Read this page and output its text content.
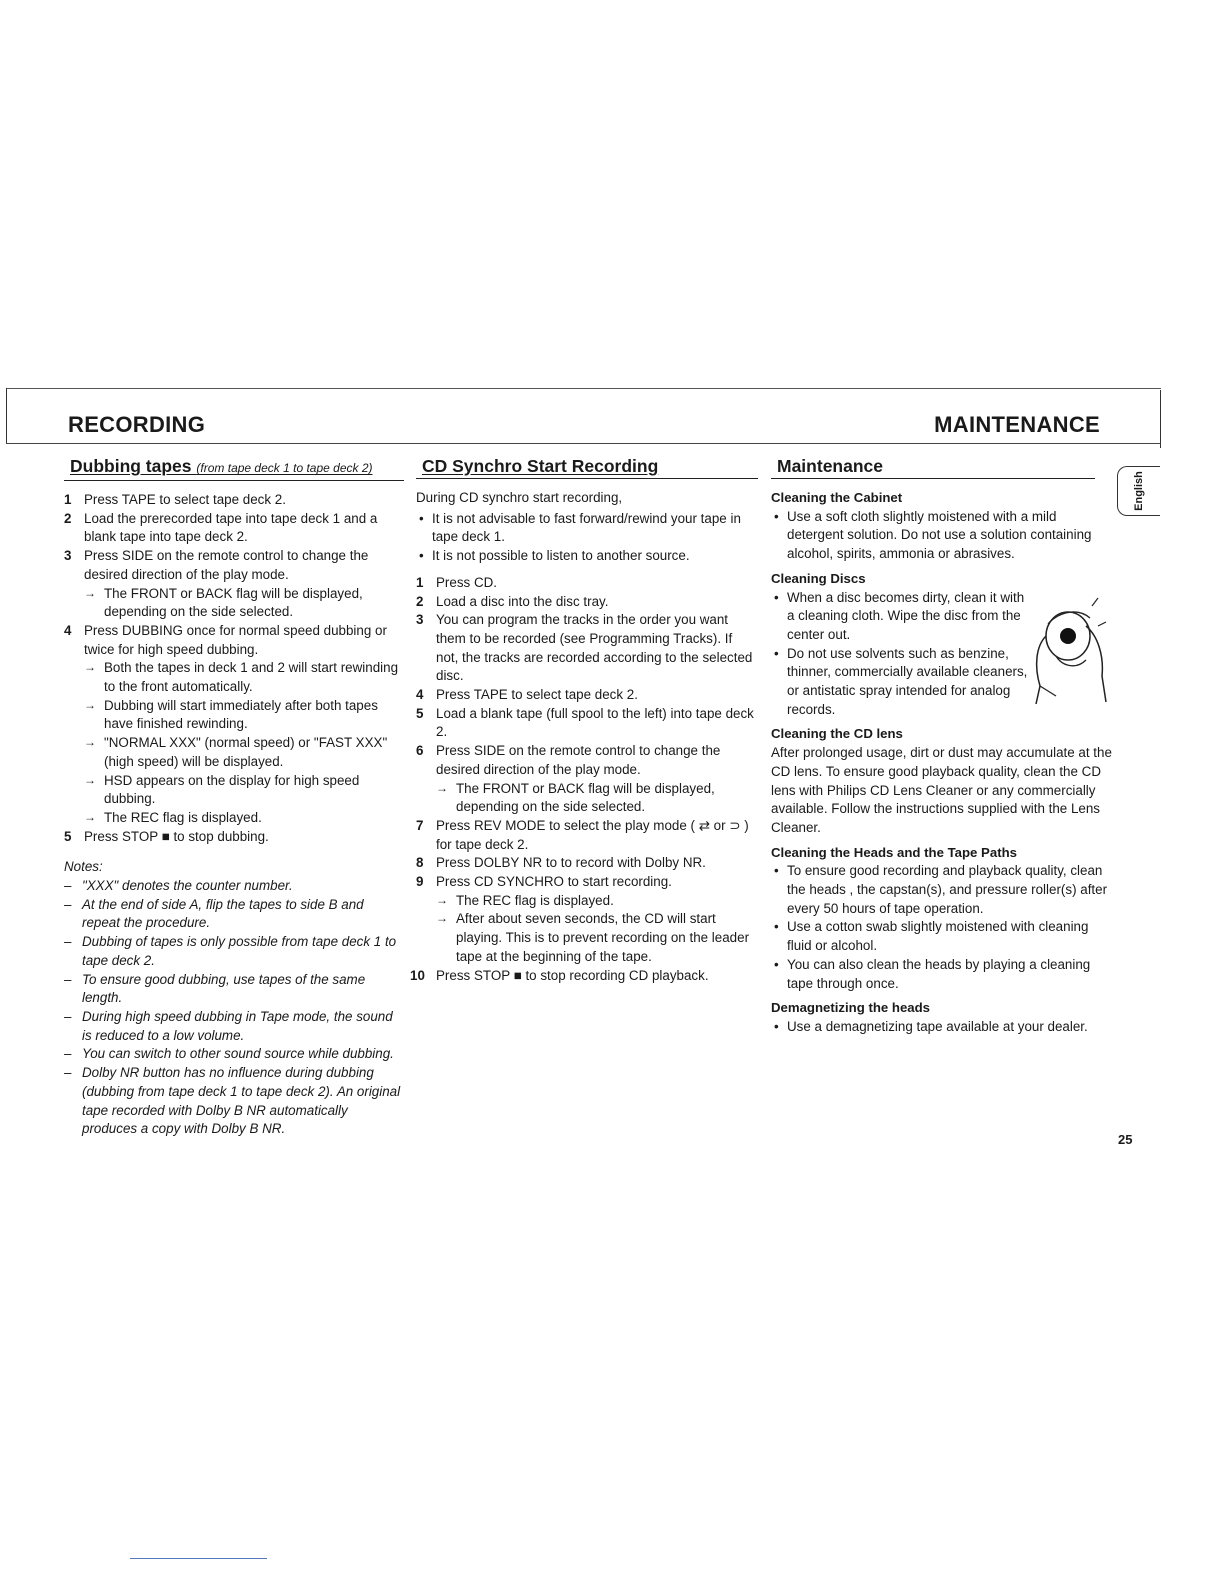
RECORDING	MAINTENANCE
English
Dubbing tapes (from tape deck 1 to tape deck 2)
1 Press TAPE to select tape deck 2.
2 Load the prerecorded tape into tape deck 1 and a blank tape into tape deck 2.
3 Press SIDE on the remote control to change the desired direction of the play mode.
→ The FRONT or BACK flag will be displayed, depending on the side selected.
4 Press DUBBING once for normal speed dubbing or twice for high speed dubbing.
→ Both the tapes in deck 1 and 2 will start rewinding to the front automatically.
→ Dubbing will start immediately after both tapes have finished rewinding.
→ "NORMAL XXX" (normal speed) or "FAST XXX" (high speed) will be displayed.
→ HSD appears on the display for high speed dubbing.
→ The REC flag is displayed.
5 Press STOP ■ to stop dubbing.
Notes:
– "XXX" denotes the counter number.
– At the end of side A, flip the tapes to side B and repeat the procedure.
– Dubbing of tapes is only possible from tape deck 1 to tape deck 2.
– To ensure good dubbing, use tapes of the same length.
– During high speed dubbing in Tape mode, the sound is reduced to a low volume.
– You can switch to other sound source while dubbing.
– Dolby NR button has no influence during dubbing (dubbing from tape deck 1 to tape deck 2). An original tape recorded with Dolby B NR automatically produces a copy with Dolby B NR.
CD Synchro Start Recording

During CD synchro start recording,

• It is not advisable to fast forward/rewind your tape in tape deck 1.
• It is not possible to listen to another source.
1 Press CD.
2 Load a disc into the disc tray.
3 You can program the tracks in the order you want them to be recorded (see Programming Tracks). If not, the tracks are recorded according to the selected disc.
4 Press TAPE to select tape deck 2.
5 Load a blank tape (full spool to the left) into tape deck 2.
6 Press SIDE on the remote control to change the desired direction of the play mode.
→ The FRONT or BACK flag will be displayed, depending on the side selected.
7 Press REV MODE to select the play mode ( ⇄ or ⊃ ) for tape deck 2.
8 Press DOLBY NR to to record with Dolby NR.
9 Press CD SYNCHRO to start recording.
→ The REC flag is displayed.
→ After about seven seconds, the CD will start playing. This is to prevent recording on the leader tape at the beginning of the tape.
10 Press STOP ■ to stop recording CD playback.
Maintenance
Cleaning the Cabinet
• Use a soft cloth slightly moistened with a mild detergent solution. Do not use a solution containing alcohol, spirits, ammonia or abrasives.
Cleaning Discs
• When a disc becomes dirty, clean it with a cleaning cloth. Wipe the disc from the center out.
• Do not use solvents such as benzine, thinner, commercially available cleaners, or antistatic spray intended for analog records.
Cleaning the CD lens

After prolonged usage, dirt or dust may accumulate at the CD lens. To ensure good playback quality, clean the CD lens with Philips CD Lens Cleaner or any commercially available. Follow the instructions supplied with the Lens Cleaner.

Cleaning the Heads and the Tape Paths
• To ensure good recording and playback quality, clean the heads , the capstan(s), and pressure roller(s) after every 50 hours of tape operation.
• Use a cotton swab slightly moistened with cleaning fluid or alcohol.
• You can also clean the heads by playing a cleaning tape through once.
Demagnetizing the heads
• Use a demagnetizing tape available at your dealer.
25
